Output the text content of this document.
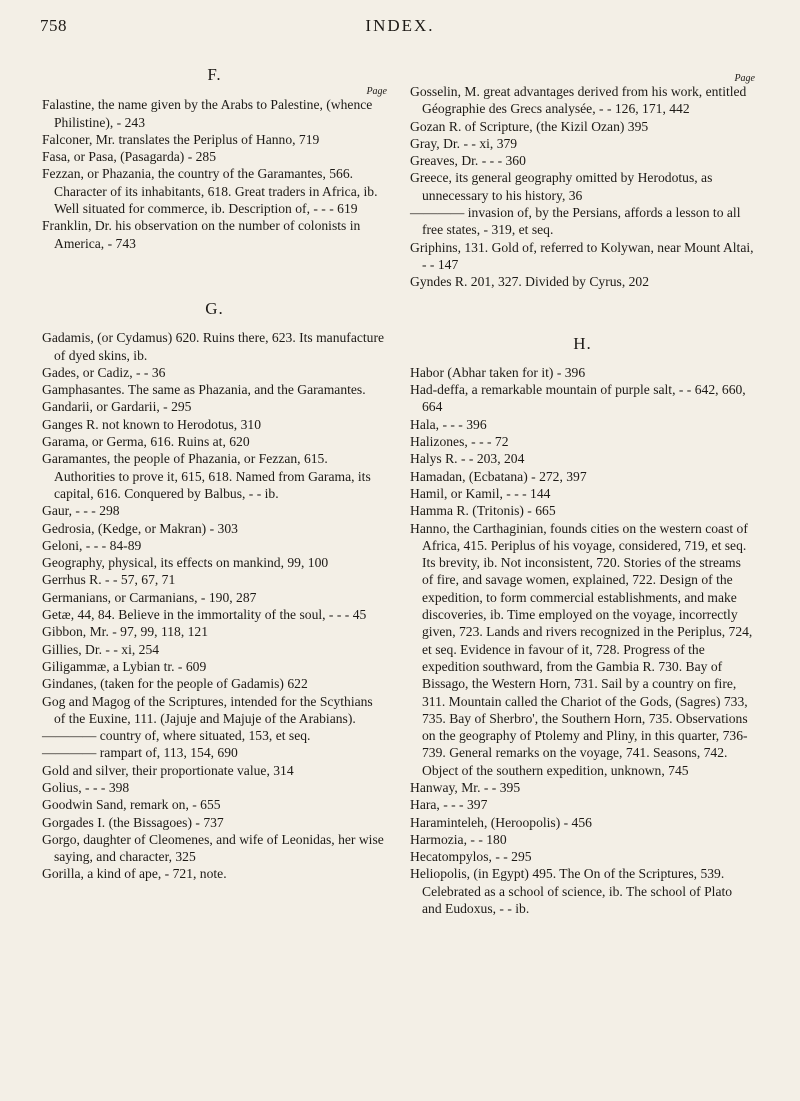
758	INDEX.
F.
Page

Falastine, the name given by the Arabs to Palestine, (whence Philistine), - 243

Falconer, Mr. translates the Periplus of Hanno, 719

Fasa, or Pasa, (Pasagarda) - 285

Fezzan, or Phazania, the country of the Garamantes, 566. Character of its inhabitants, 618. Great traders in Africa, ib. Well situated for commerce, ib. Description of, - - - 619

Franklin, Dr. his observation on the number of colonists in America, - 743

G.

Gadamis, (or Cydamus) 620. Ruins there, 623. Its manufacture of dyed skins, ib.

Gades, or Cadiz, - - 36

Gamphasantes. The same as Phazania, and the Garamantes.

Gandarii, or Gardarii, - 295

Ganges R. not known to Herodotus, 310

Garama, or Germa, 616. Ruins at, 620

Garamantes, the people of Phazania, or Fezzan, 615. Authorities to prove it, 615, 618. Named from Garama, its capital, 616. Conquered by Balbus, - - ib.

Gaur, - - - 298

Gedrosia, (Kedge, or Makran) - 303

Geloni, - - - 84-89

Geography, physical, its effects on mankind, 99, 100

Gerrhus R. - - 57, 67, 71

Germanians, or Carmanians, - 190, 287

Getæ, 44, 84. Believe in the immortality of the soul, - - - 45

Gibbon, Mr. - 97, 99, 118, 121

Gillies, Dr. - - xi, 254

Giligammæ, a Lybian tr. - 609

Gindanes, (taken for the people of Gadamis) 622

Gog and Magog of the Scriptures, intended for the Scythians of the Euxine, 111. (Jajuje and Majuje of the Arabians).

———— country of, where situated, 153, et seq.

———— rampart of, 113, 154, 690

Gold and silver, their proportionate value, 314

Golius, - - - 398

Goodwin Sand, remark on, - 655

Gorgades I. (the Bissagoes) - 737

Gorgo, daughter of Cleomenes, and wife of Leonidas, her wise saying, and character, 325

Gorilla, a kind of ape, - 721, note.

Page

Gosselin, M. great advantages derived from his work, entitled Géographie des Grecs analysée, - - 126, 171, 442

Gozan R. of Scripture, (the Kizil Ozan) 395

Gray, Dr. - - xi, 379

Greaves, Dr. - - - 360

Greece, its general geography omitted by Herodotus, as unnecessary to his history, 36

———— invasion of, by the Persians, affords a lesson to all free states, - 319, et seq.

Griphins, 131. Gold of, referred to Kolywan, near Mount Altai, - - 147

Gyndes R. 201, 327. Divided by Cyrus, 202

H.

Habor (Abhar taken for it) - 396

Had-deffa, a remarkable mountain of purple salt, - - 642, 660, 664

Hala, - - - 396

Halizones, - - - 72

Halys R. - - 203, 204

Hamadan, (Ecbatana) - 272, 397

Hamil, or Kamil, - - - 144

Hamma R. (Tritonis) - 665

Hanno, the Carthaginian, founds cities on the western coast of Africa, 415. Periplus of his voyage, considered, 719, et seq. Its brevity, ib. Not inconsistent, 720. Stories of the streams of fire, and savage women, explained, 722. Design of the expedition, to form commercial establishments, and make discoveries, ib. Time employed on the voyage, incorrectly given, 723. Lands and rivers recognized in the Periplus, 724, et seq. Evidence in favour of it, 728. Progress of the expedition southward, from the Gambia R. 730. Bay of Bissago, the Western Horn, 731. Sail by a country on fire, 311. Mountain called the Chariot of the Gods, (Sagres) 733, 735. Bay of Sherbro', the Southern Horn, 735. Observations on the geography of Ptolemy and Pliny, in this quarter, 736-739. General remarks on the voyage, 741. Seasons, 742. Object of the southern expedition, unknown, 745

Hanway, Mr. - - 395

Hara, - - - 397

Haraminteleh, (Heroopolis) - 456

Harmozia, - - 180

Hecatompylos, - - 295

Heliopolis, (in Egypt) 495. The On of the Scriptures, 539. Celebrated as a school of science, ib. The school of Plato and Eudoxus, - - ib.
